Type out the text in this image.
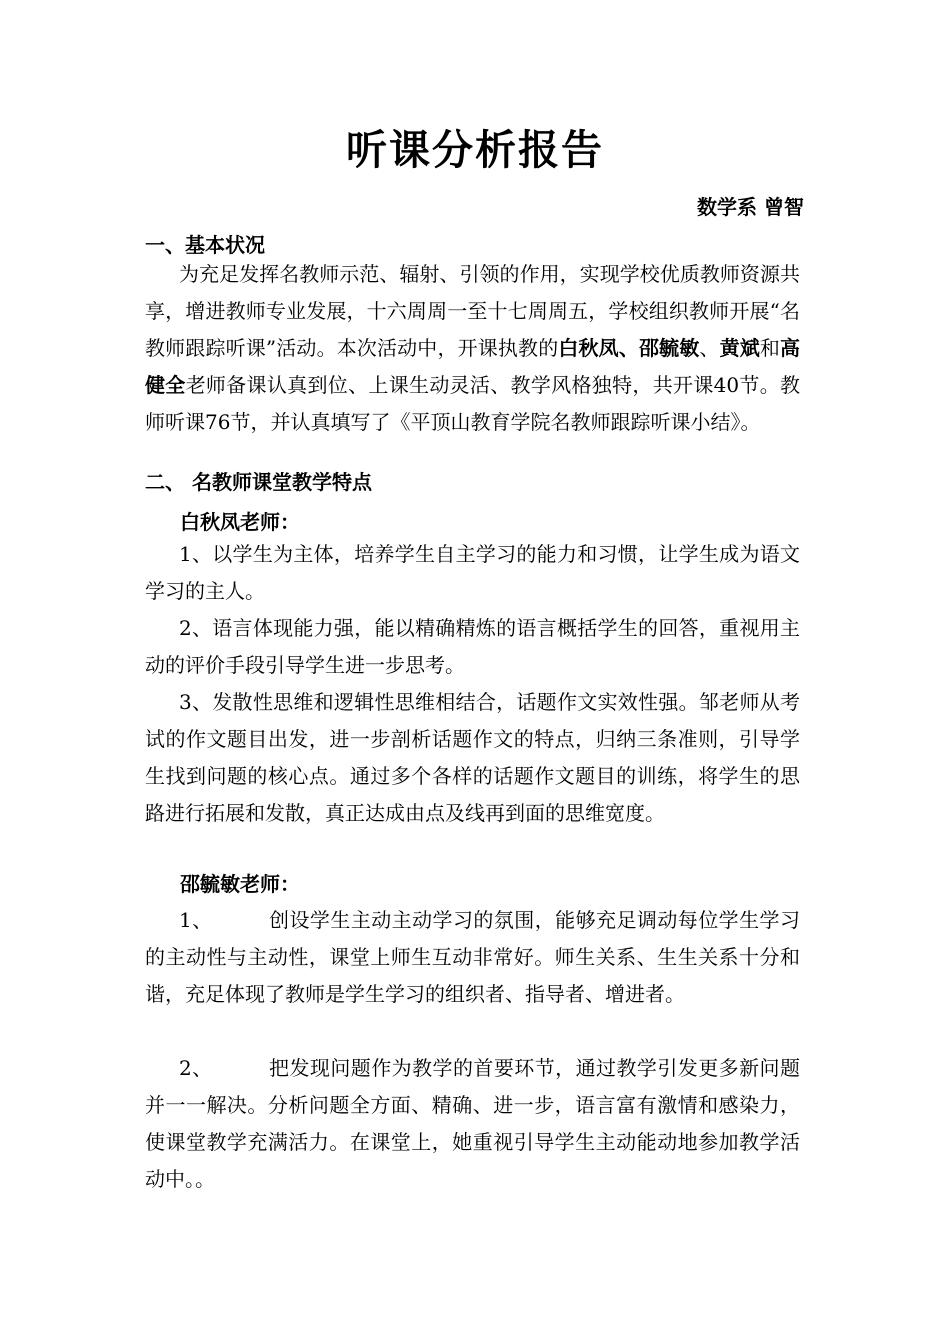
听课分析报告
数学系 曾智
一、基本状况
为充足发挥名教师示范、辐射、引领的作用，实现学校优质教师资源共享，增进教师专业发展，十六周周一至十七周周五，学校组织教师开展“名教师跟踪听课”活动。本次活动中，开课执教的白秋凤、邵毓敏、黄斌和高健全老师备课认真到位、上课生动灵活、教学风格独特，共开课40节。教师听课76节，并认真填写了《平顶山教育学院名教师跟踪听课小结》。
二、 名教师课堂教学特点
白秋凤老师：
1、以学生为主体，培养学生自主学习的能力和习惯，让学生成为语文学习的主人。
2、语言体现能力强，能以精确精炼的语言概括学生的回答，重视用主动的评价手段引导学生进一步思考。
3、发散性思维和逻辑性思维相结合，话题作文实效性强。邹老师从考试的作文题目出发，进一步剖析话题作文的特点，归纳三条准则，引导学生找到问题的核心点。通过多个各样的话题作文题目的训练，将学生的思路进行拓展和发散，真正达成由点及线再到面的思维宽度。
邵毓敏老师：
1、	创设学生主动主动学习的氛围，能够充足调动每位学生学习的主动性与主动性，课堂上师生互动非常好。师生关系、生生关系十分和谐，充足体现了教师是学生学习的组织者、指导者、增进者。
2、	把发现问题作为教学的首要环节，通过教学引发更多新问题并一一解决。分析问题全方面、精确、进一步，语言富有激情和感染力，使课堂教学充满活力。在课堂上，她重视引导学生主动能动地参加教学活动中。。
